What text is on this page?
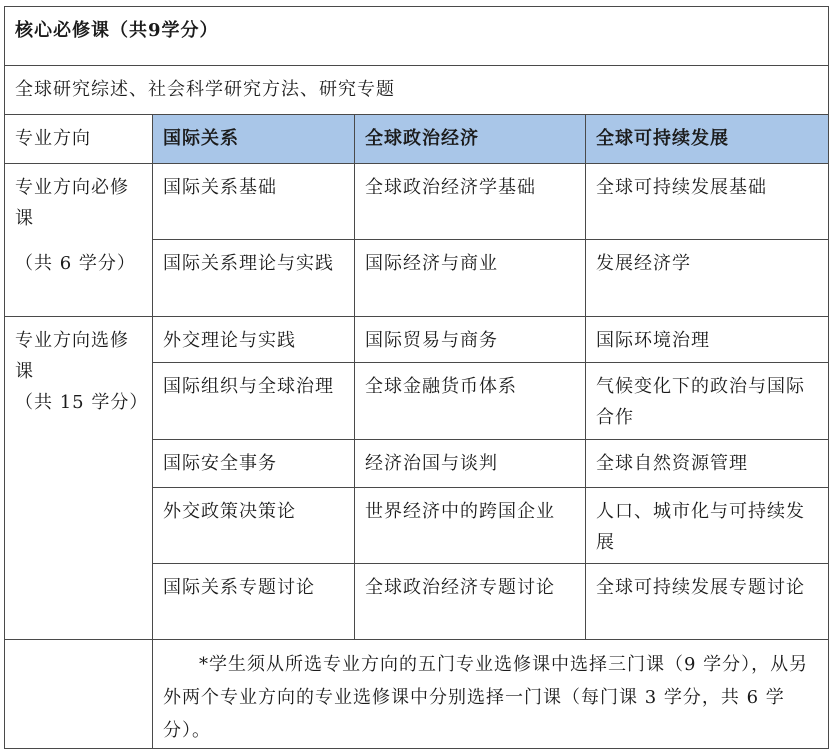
核心必修课（共9学分）			
全球研究综述、社会科学研究方法、研究专题			
专业方向	国际关系	全球政治经济	全球可持续发展
专业方向必修课
（共 6 学分）	国际关系基础	全球政治经济学基础	全球可持续发展基础
	国际关系理论与实践	国际经济与商业	发展经济学
专业方向选修课
（共 15 学分）	外交理论与实践	国际贸易与商务	国际环境治理
	国际组织与全球治理	全球金融货币体系	气候变化下的政治与国际合作
	国际安全事务	经济治国与谈判	全球自然资源管理
	外交政策决策论	世界经济中的跨国企业	人口、城市化与可持续发展
	国际关系专题讨论	全球政治经济专题讨论	全球可持续发展专题讨论

	*学生须从所选专业方向的五门专业选修课中选择三门课（9 学分），从另外两个专业方向的专业选修课中分别选择一门课（每门课 3 学分，共 6 学分）。		
